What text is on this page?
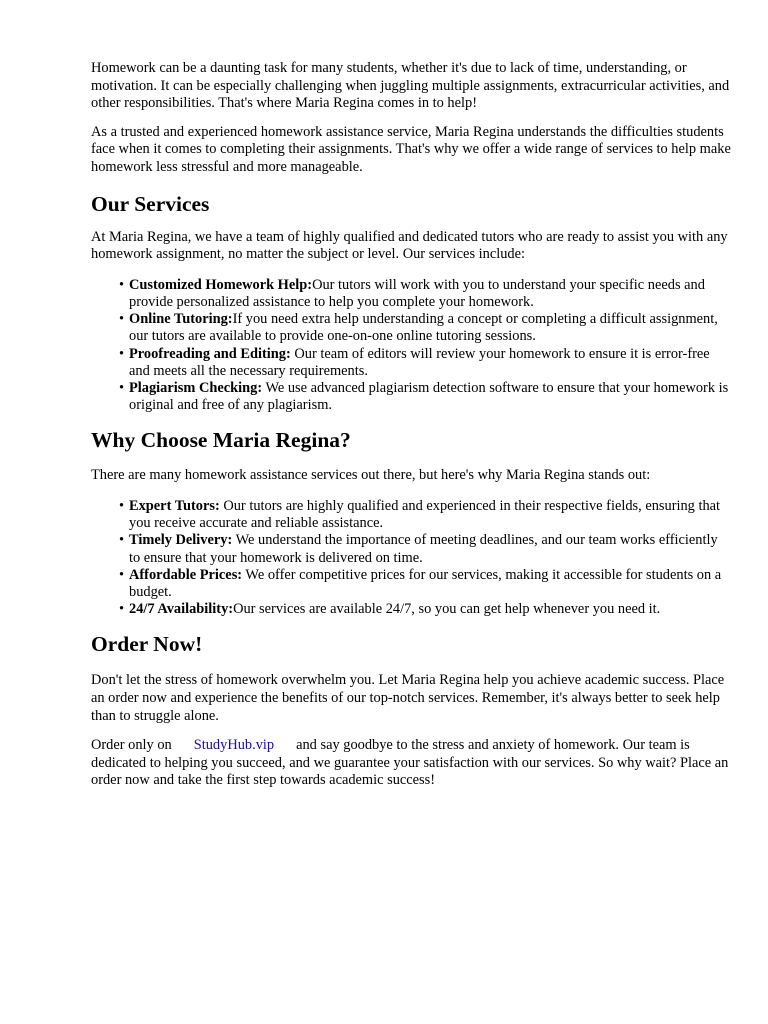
Homework can be a daunting task for many students, whether it's due to lack of time, understanding, or motivation. It can be especially challenging when juggling multiple assignments, extracurricular activities, and other responsibilities. That's where Maria Regina comes in to help!

As a trusted and experienced homework assistance service, Maria Regina understands the difficulties students face when it comes to completing their assignments. That's why we offer a wide range of services to help make homework less stressful and more manageable.

Our Services

At Maria Regina, we have a team of highly qualified and dedicated tutors who are ready to assist you with any homework assignment, no matter the subject or level. Our services include:

• Customized Homework Help:Our tutors will work with you to understand your specific needs and provide personalized assistance to help you complete your homework.
• Online Tutoring:If you need extra help understanding a concept or completing a difficult assignment, our tutors are available to provide one-on-one online tutoring sessions.
• Proofreading and Editing: Our team of editors will review your homework to ensure it is error-free and meets all the necessary requirements.
• Plagiarism Checking: We use advanced plagiarism detection software to ensure that your homework is original and free of any plagiarism.
Why Choose Maria Regina?

There are many homework assistance services out there, but here's why Maria Regina stands out:

• Expert Tutors: Our tutors are highly qualified and experienced in their respective fields, ensuring that you receive accurate and reliable assistance.
• Timely Delivery: We understand the importance of meeting deadlines, and our team works efficiently to ensure that your homework is delivered on time.
• Affordable Prices: We offer competitive prices for our services, making it accessible for students on a budget.
• 24/7 Availability:Our services are available 24/7, so you can get help whenever you need it.
Order Now!

Don't let the stress of homework overwhelm you. Let Maria Regina help you achieve academic success. Place an order now and experience the benefits of our top-notch services. Remember, it's always better to seek help than to struggle alone.

Order only on StudyHub.vip and say goodbye to the stress and anxiety of homework. Our team is dedicated to helping you succeed, and we guarantee your satisfaction with our services. So why wait? Place an order now and take the first step towards academic success!
